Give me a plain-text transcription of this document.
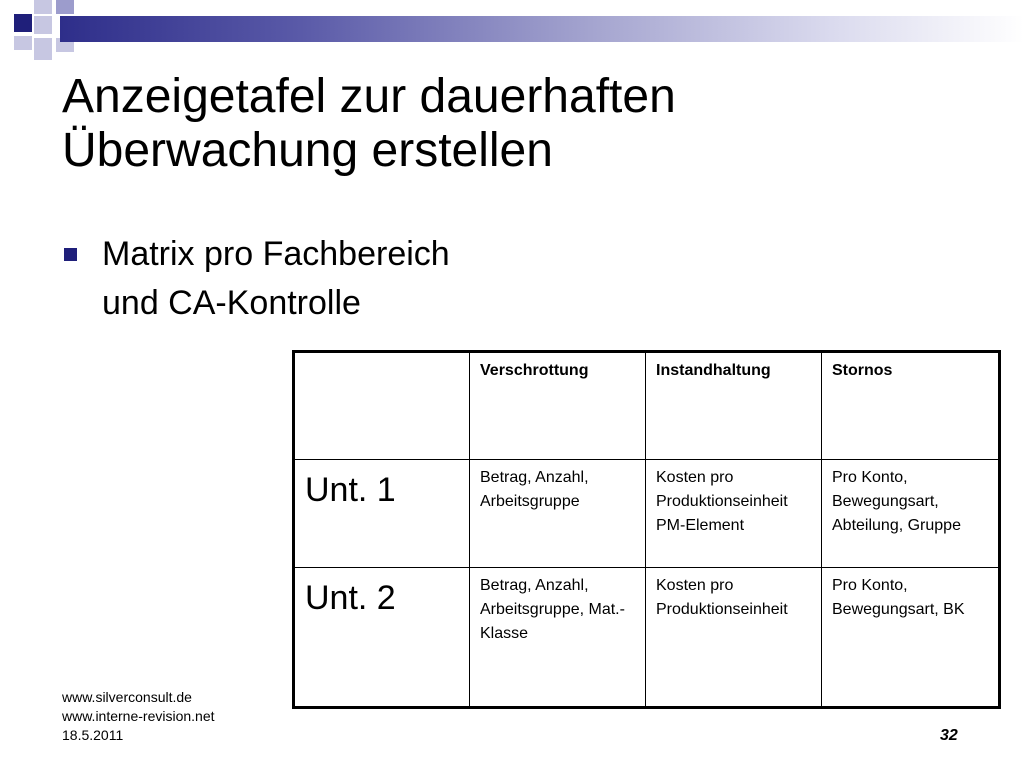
Anzeigetafel zur dauerhaften
Überwachung erstellen
Matrix pro Fachbereich und CA-Kontrolle
	Verschrottung	Instandhaltung	Stornos
Unt. 1	Betrag, Anzahl, Arbeitsgruppe	Kosten pro Produktionseinheit PM-Element	Pro Konto, Bewegungsart, Abteilung, Gruppe
Unt. 2	Betrag, Anzahl, Arbeitsgruppe, Mat.-Klasse	Kosten pro Produktionseinheit	Pro Konto, Bewegungsart, BK
www.silverconsult.de
www.interne-revision.net
18.5.2011	32
